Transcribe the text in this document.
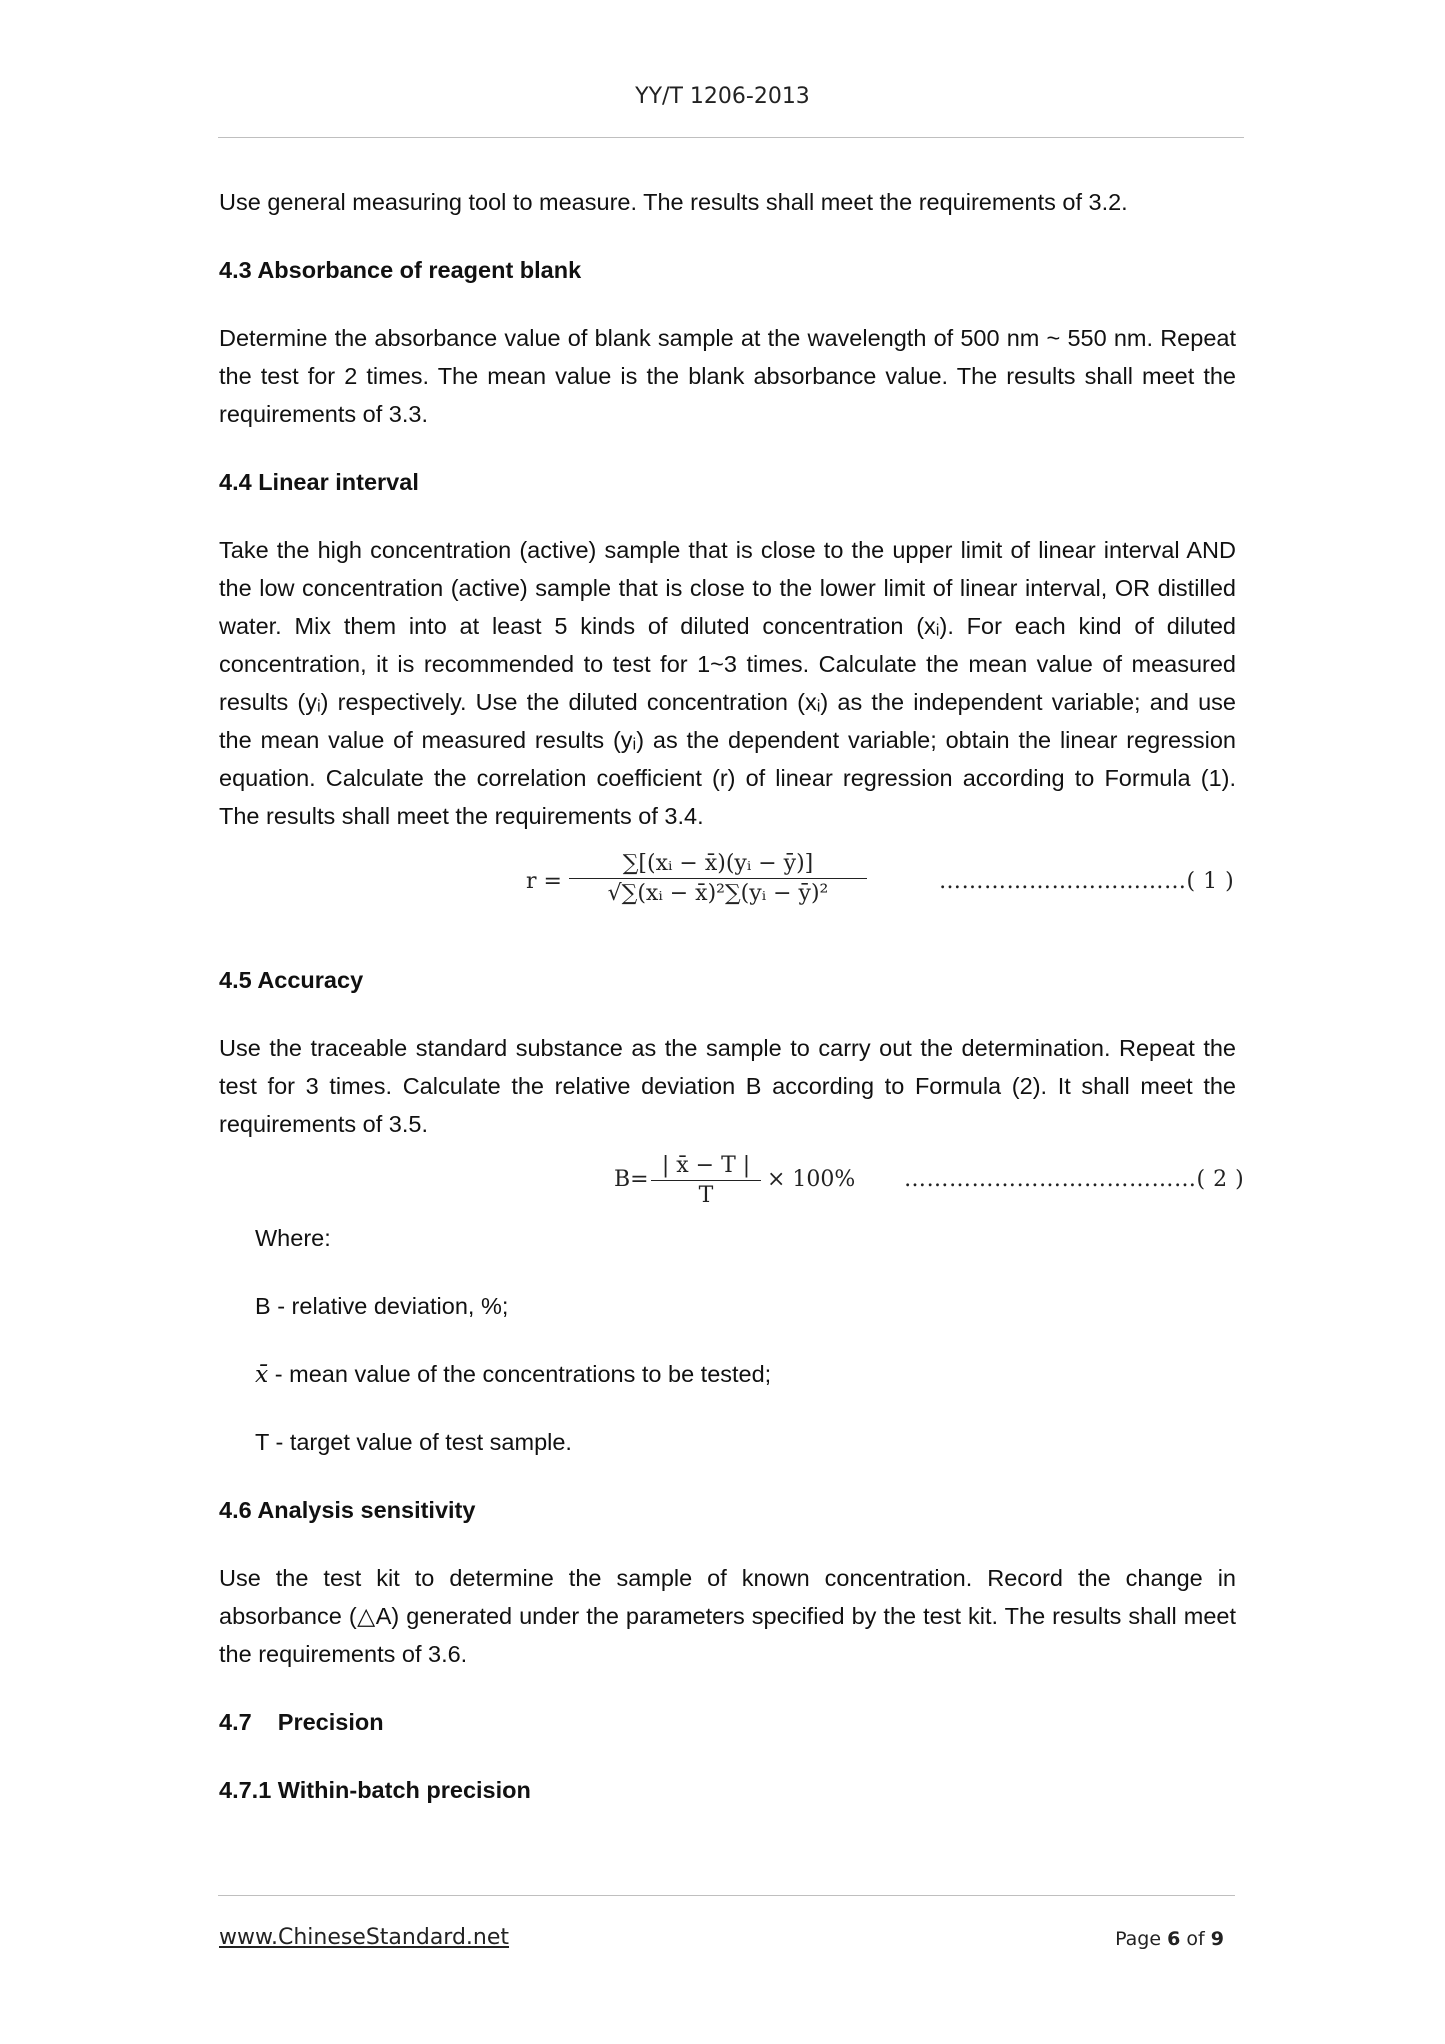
YY/T 1206-2013

Use general measuring tool to measure. The results shall meet the requirements of 3.2.

4.3 Absorbance of reagent blank

Determine the absorbance value of blank sample at the wavelength of 500 nm ~ 550 nm. Repeat the test for 2 times. The mean value is the blank absorbance value. The results shall meet the requirements of 3.3.

4.4 Linear interval

Take the high concentration (active) sample that is close to the upper limit of linear interval AND the low concentration (active) sample that is close to the lower limit of linear interval, OR distilled water. Mix them into at least 5 kinds of diluted concentration (xᵢ). For each kind of diluted concentration, it is recommended to test for 1~3 times. Calculate the mean value of measured results (yᵢ) respectively. Use the diluted concentration (xᵢ) as the independent variable; and use the mean value of measured results (yᵢ) as the dependent variable; obtain the linear regression equation. Calculate the correlation coefficient (r) of linear regression according to Formula (1). The results shall meet the requirements of 3.4.

$r = \frac{\text{∑[(xᵢ − x̄)(yᵢ − ȳ)]}}{\text{√∑(xᵢ − x̄)²∑(yᵢ − ȳ)²}}$	……………………………( 1 )
4.5 Accuracy

Use the traceable standard substance as the sample to carry out the determination. Repeat the test for 3 times. Calculate the relative deviation B according to Formula (2). It shall meet the requirements of 3.5.

$B= \frac{| x̄ - T |}{T} \times 100\%$ …………………………………( 2 )

Where:

B - relative deviation, %;

x̄ - mean value of the concentrations to be tested;

T - target value of test sample.

4.6 Analysis sensitivity

Use the test kit to determine the sample of known concentration. Record the change in absorbance (△A) generated under the parameters specified by the test kit. The results shall meet the requirements of 3.6.

4.7    Precision
4.7.1 Within-batch precision
www.ChineseStandard.net	Page 6 of 9
